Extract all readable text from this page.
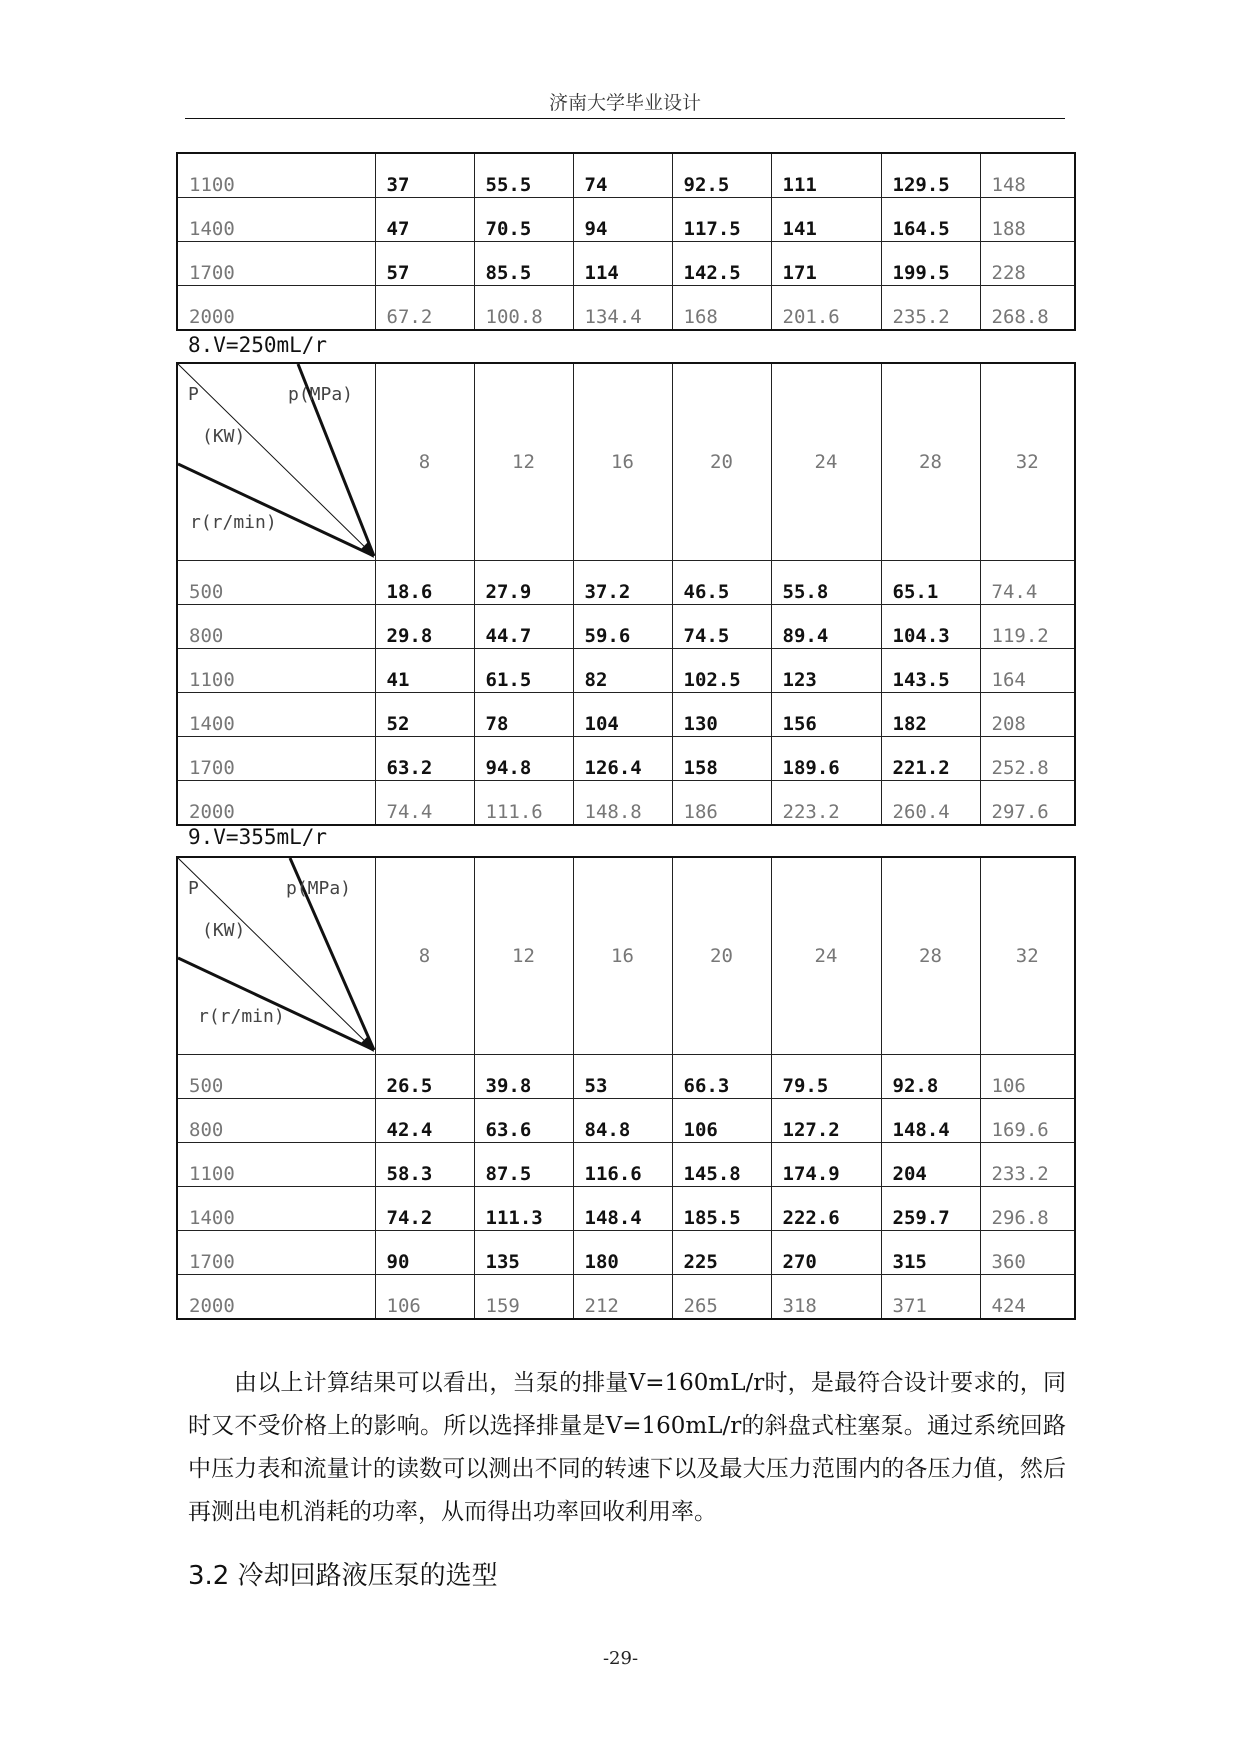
济南大学毕业设计
1100	37	55.5	74	92.5	111	129.5	148
1400	47	70.5	94	117.5	141	164.5	188
1700	57	85.5	114	142.5	171	199.5	228
2000	67.2	100.8	134.4	168	201.6	235.2	268.8
8.V=250mL/r
P p(MPa)
(KW)
r(r/min)	8	12	16	20	24	28	32
500	18.6	27.9	37.2	46.5	55.8	65.1	74.4
800	29.8	44.7	59.6	74.5	89.4	104.3	119.2
1100	41	61.5	82	102.5	123	143.5	164
1400	52	78	104	130	156	182	208
1700	63.2	94.8	126.4	158	189.6	221.2	252.8
2000	74.4	111.6	148.8	186	223.2	260.4	297.6
9.V=355mL/r
P p(MPa)
(KW)
r(r/min)	8	12	16	20	24	28	32
500	26.5	39.8	53	66.3	79.5	92.8	106
800	42.4	63.6	84.8	106	127.2	148.4	169.6
1100	58.3	87.5	116.6	145.8	174.9	204	233.2
1400	74.2	111.3	148.4	185.5	222.6	259.7	296.8
1700	90	135	180	225	270	315	360
2000	106	159	212	265	318	371	424
由以上计算结果可以看出，当泵的排量V=160mL/r时，是最符合设计要求的，同时又不受价格上的影响。所以选择排量是V=160mL/r的斜盘式柱塞泵。通过系统回路中压力表和流量计的读数可以测出不同的转速下以及最大压力范围内的各压力值，然后再测出电机消耗的功率，从而得出功率回收利用率。
3.2 冷却回路液压泵的选型
-29-
